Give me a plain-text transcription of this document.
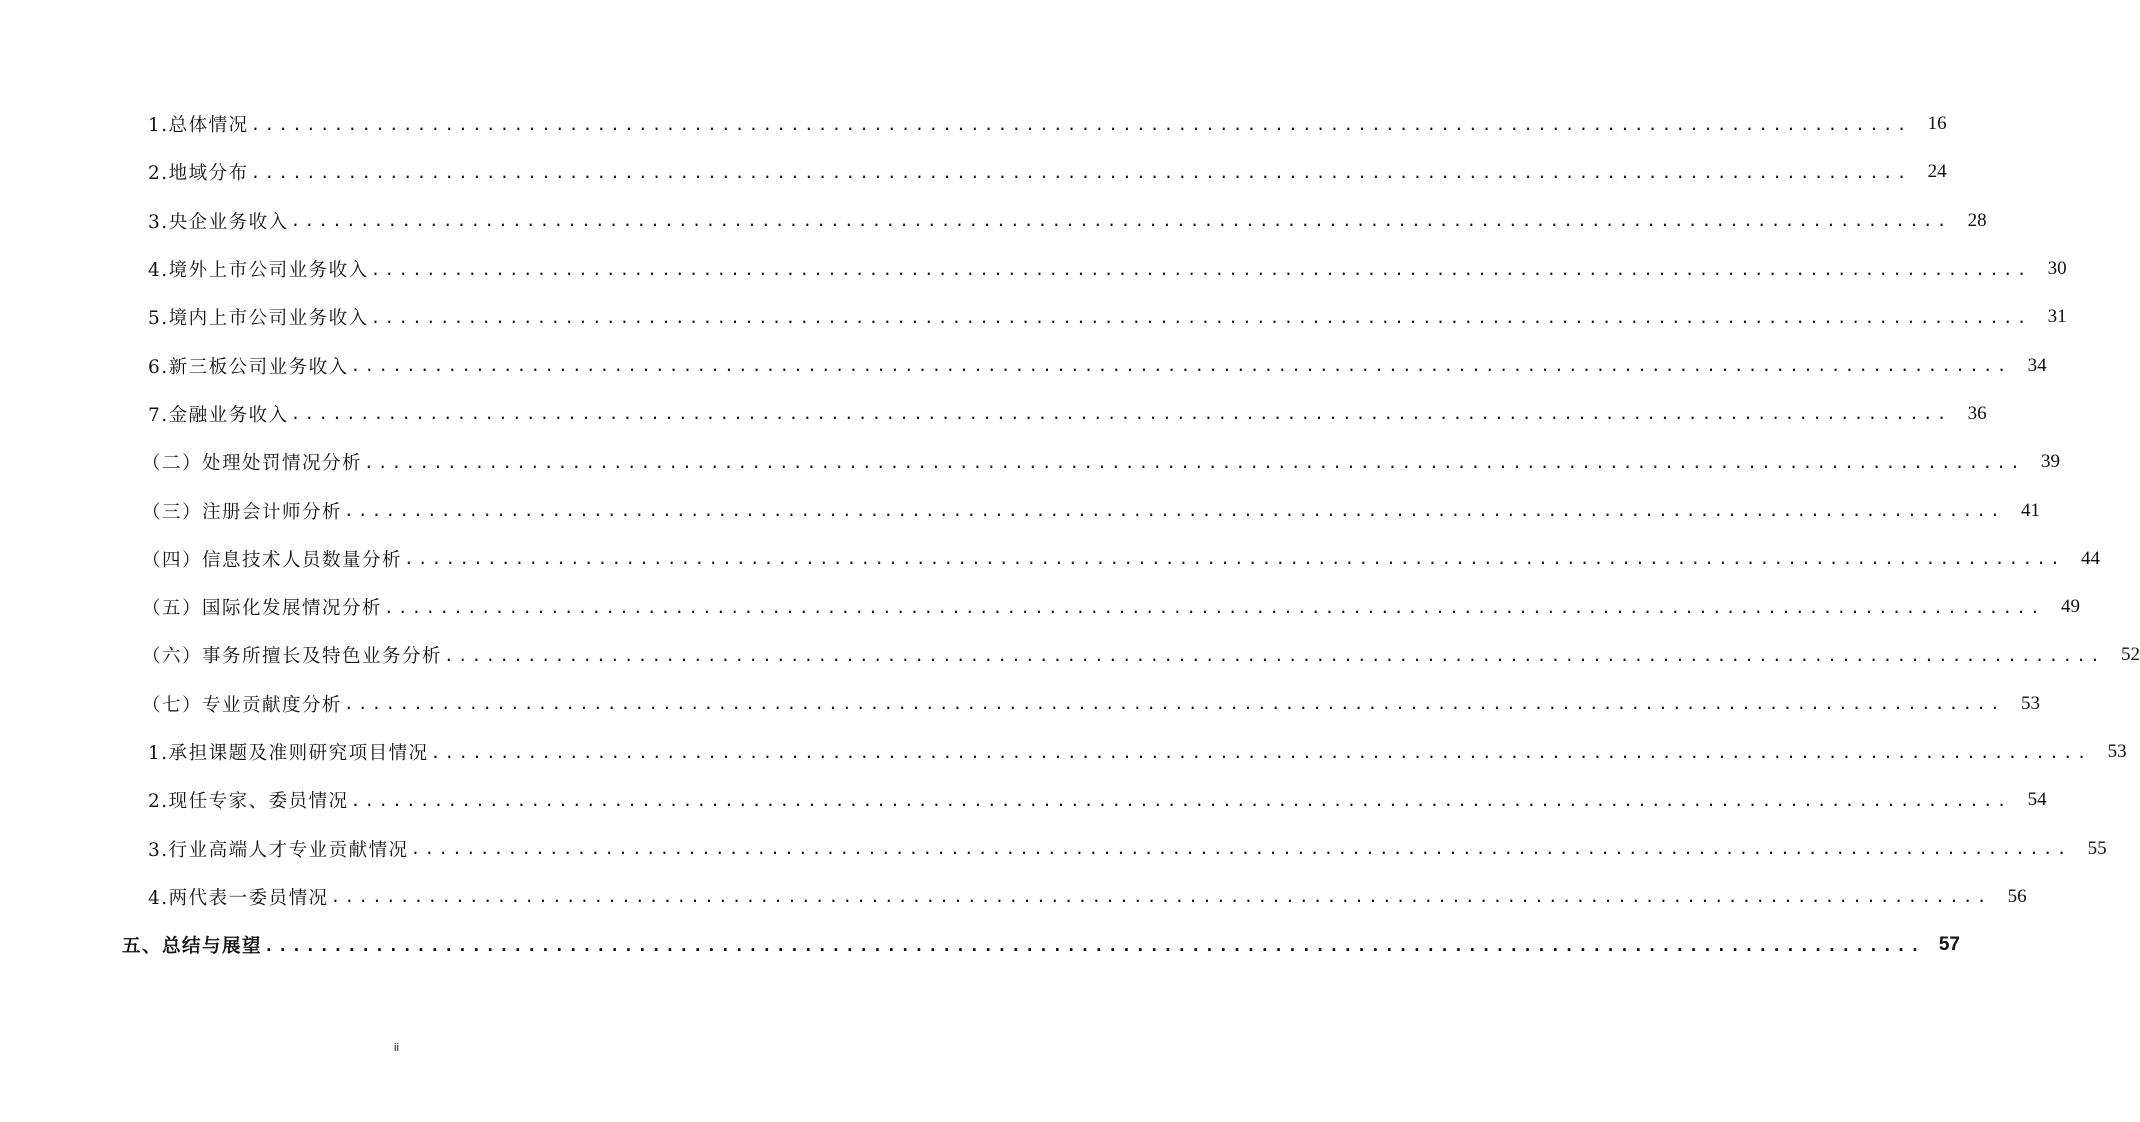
1.总体情况 ........................................................................................................................ 16
2.地域分布 ........................................................................................................................ 24
3.央企业务收入 ........................................................................................................................ 28
4.境外上市公司业务收入 ........................................................................................................................ 30
5.境内上市公司业务收入 ........................................................................................................................ 31
6.新三板公司业务收入 ........................................................................................................................ 34
7.金融业务收入 ........................................................................................................................ 36
（二）处理处罚情况分析 ........................................................................................................................ 39
（三）注册会计师分析 ........................................................................................................................ 41
（四）信息技术人员数量分析 ........................................................................................................................ 44
（五）国际化发展情况分析 ........................................................................................................................ 49
（六）事务所擅长及特色业务分析 ........................................................................................................................ 52
（七）专业贡献度分析 ........................................................................................................................ 53
1.承担课题及准则研究项目情况 ........................................................................................................................ 53
2.现任专家、委员情况 ........................................................................................................................ 54
3.行业高端人才专业贡献情况 ........................................................................................................................ 55
4.两代表一委员情况 ........................................................................................................................ 56
五、总结与展望 ........................................................................................................................ 57
ii
